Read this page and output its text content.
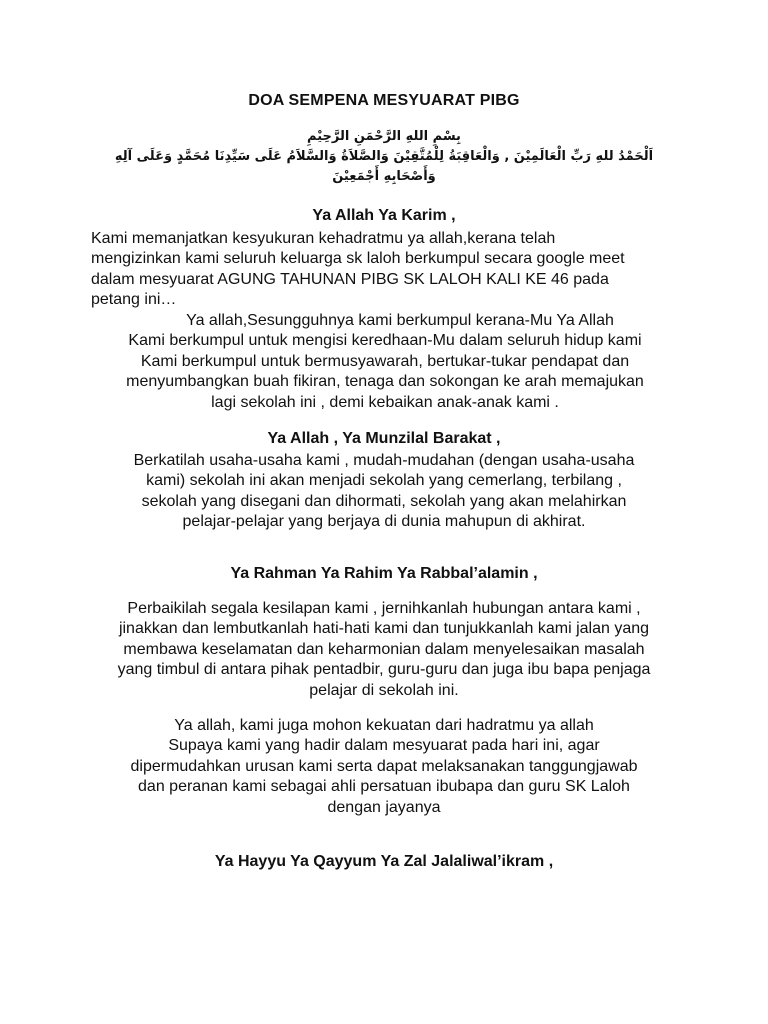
DOA SEMPENA MESYUARAT PIBG
بِسْمِ اللهِ الرَّحْمَنِ الرَّحِيْمِ
اَلْحَمْدُ للهِ رَبِّ الْعَالَمِيْنَ , وَالْعَاقِبَةُ لِلْمُتَّقِيْنَ وَالصَّلاَةُ وَالسَّلاَمُ عَلَى سَيِّدِنَا مُحَمَّدٍ وَعَلَى آلِهِ
وَأَصْحَابِهِ أَجْمَعِيْنَ
Ya Allah Ya Karim ,

Kami memanjatkan kesyukuran kehadratmu ya allah,kerana telah

mengizinkan kami seluruh keluarga sk laloh berkumpul secara google meet

dalam mesyuarat AGUNG TAHUNAN PIBG SK LALOH KALI KE 46 pada

petang ini…

Ya allah,Sesungguhnya kami berkumpul kerana-Mu Ya Allah

Kami berkumpul untuk mengisi keredhaan-Mu dalam seluruh hidup kami

Kami berkumpul untuk bermusyawarah, bertukar-tukar pendapat dan

menyumbangkan buah fikiran, tenaga dan sokongan ke arah memajukan

lagi sekolah ini , demi kebaikan anak-anak kami .

Ya Allah , Ya Munzilal Barakat ,

Berkatilah usaha-usaha kami , mudah-mudahan (dengan usaha-usaha

kami) sekolah ini akan menjadi sekolah yang cemerlang, terbilang ,

sekolah yang disegani dan dihormati, sekolah yang akan melahirkan

pelajar-pelajar yang berjaya di dunia mahupun di akhirat.

Ya Rahman Ya Rahim Ya Rabbal’alamin ,

Perbaikilah segala kesilapan kami , jernihkanlah hubungan antara kami ,

jinakkan dan lembutkanlah hati-hati kami dan tunjukkanlah kami jalan yang

membawa keselamatan dan keharmonian dalam menyelesaikan masalah

yang timbul di antara pihak pentadbir, guru-guru dan juga ibu bapa penjaga

pelajar di sekolah ini.

Ya allah, kami juga mohon kekuatan dari hadratmu ya allah

Supaya kami yang hadir dalam mesyuarat pada hari ini, agar

dipermudahkan urusan kami serta dapat melaksanakan tanggungjawab

dan peranan kami sebagai ahli persatuan ibubapa dan guru SK Laloh

dengan jayanya

Ya Hayyu Ya Qayyum Ya Zal Jalaliwal’ikram ,
